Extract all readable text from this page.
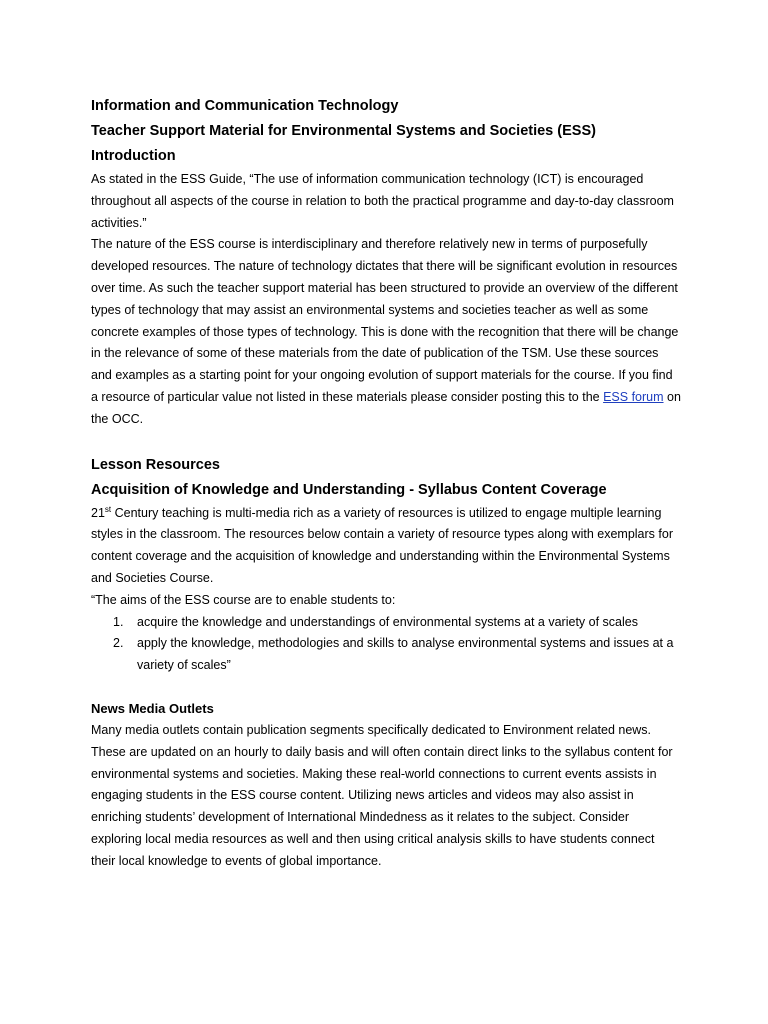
Information and Communication Technology
Teacher Support Material for Environmental Systems and Societies (ESS)
Introduction

As stated in the ESS Guide, “The use of information communication technology (ICT) is encouraged throughout all aspects of the course in relation to both the practical programme and day-to-day classroom activities.”

The nature of the ESS course is interdisciplinary and therefore relatively new in terms of purposefully developed resources. The nature of technology dictates that there will be significant evolution in resources over time. As such the teacher support material has been structured to provide an overview of the different types of technology that may assist an environmental systems and societies teacher as well as some concrete examples of those types of technology. This is done with the recognition that there will be change in the relevance of some of these materials from the date of publication of the TSM. Use these sources and examples as a starting point for your ongoing evolution of support materials for the course. If you find a resource of particular value not listed in these materials please consider posting this to the ESS forum on the OCC.

Lesson Resources
Acquisition of Knowledge and Understanding - Syllabus Content Coverage

21st Century teaching is multi-media rich as a variety of resources is utilized to engage multiple learning styles in the classroom. The resources below contain a variety of resource types along with exemplars for content coverage and the acquisition of knowledge and understanding within the Environmental Systems and Societies Course.

“The aims of the ESS course are to enable students to:

1. acquire the knowledge and understandings of environmental systems at a variety of scales
2. apply the knowledge, methodologies and skills to analyse environmental systems and issues at a variety of scales”
News Media Outlets

Many media outlets contain publication segments specifically dedicated to Environment related news. These are updated on an hourly to daily basis and will often contain direct links to the syllabus content for environmental systems and societies. Making these real-world connections to current events assists in engaging students in the ESS course content. Utilizing news articles and videos may also assist in enriching students’ development of International Mindedness as it relates to the subject. Consider exploring local media resources as well and then using critical analysis skills to have students connect their local knowledge to events of global importance.
